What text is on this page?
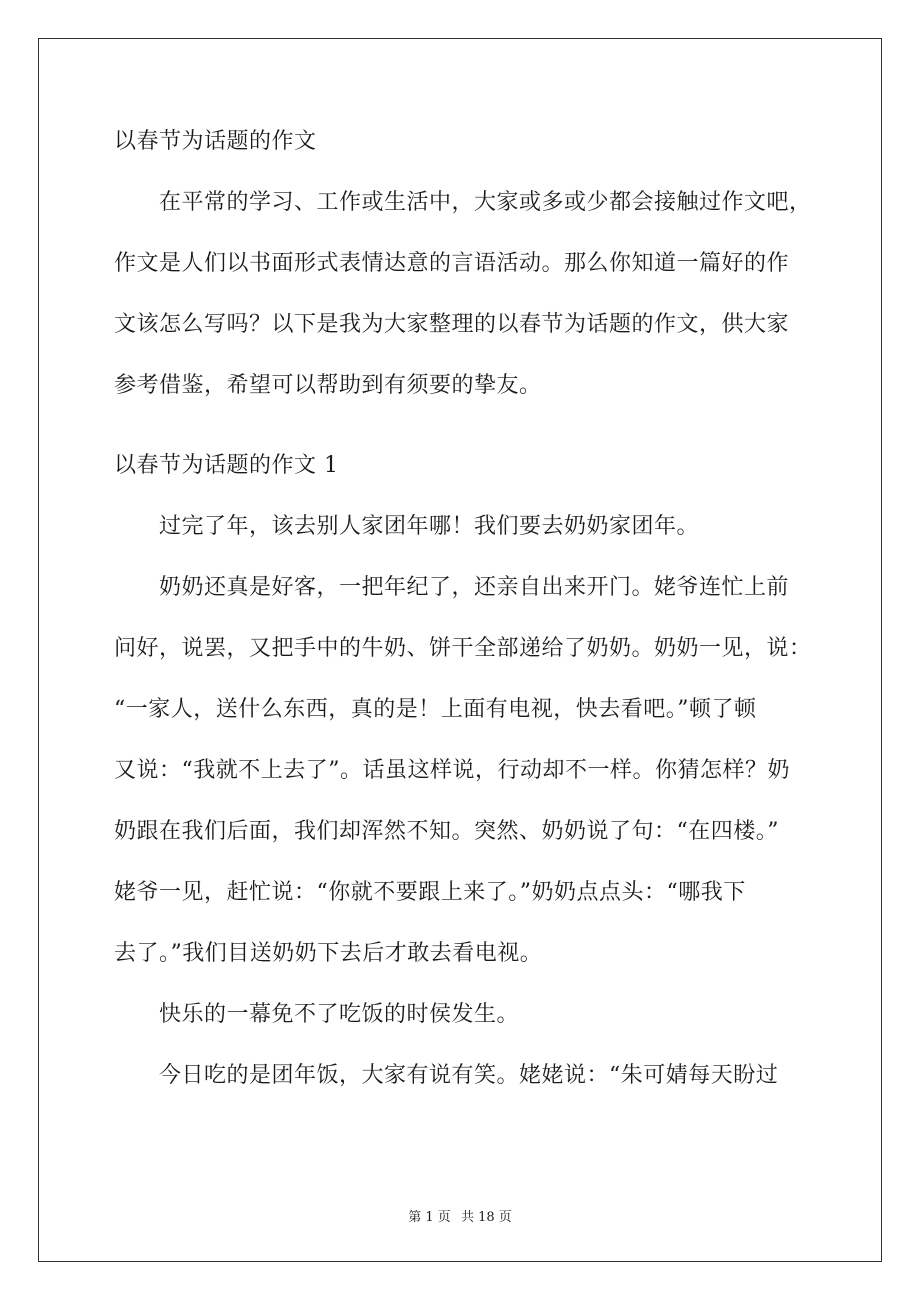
以春节为话题的作文
在平常的学习、工作或生活中，大家或多或少都会接触过作文吧，
作文是人们以书面形式表情达意的言语活动。那么你知道一篇好的作
文该怎么写吗？以下是我为大家整理的以春节为话题的作文，供大家
参考借鉴，希望可以帮助到有须要的挚友。
以春节为话题的作文 1
过完了年，该去别人家团年哪！我们要去奶奶家团年。
奶奶还真是好客，一把年纪了，还亲自出来开门。姥爷连忙上前
问好，说罢，又把手中的牛奶、饼干全部递给了奶奶。奶奶一见，说：
“一家人，送什么东西，真的是！上面有电视，快去看吧。”顿了顿
又说：“我就不上去了”。话虽这样说，行动却不一样。你猜怎样？奶
奶跟在我们后面，我们却浑然不知。突然、奶奶说了句：“在四楼。”
姥爷一见，赶忙说：“你就不要跟上来了。”奶奶点点头：“哪我下
去了。”我们目送奶奶下去后才敢去看电视。
快乐的一幕免不了吃饭的时侯发生。
今日吃的是团年饭，大家有说有笑。姥姥说：“朱可婧每天盼过
第 1 页 共 18 页
